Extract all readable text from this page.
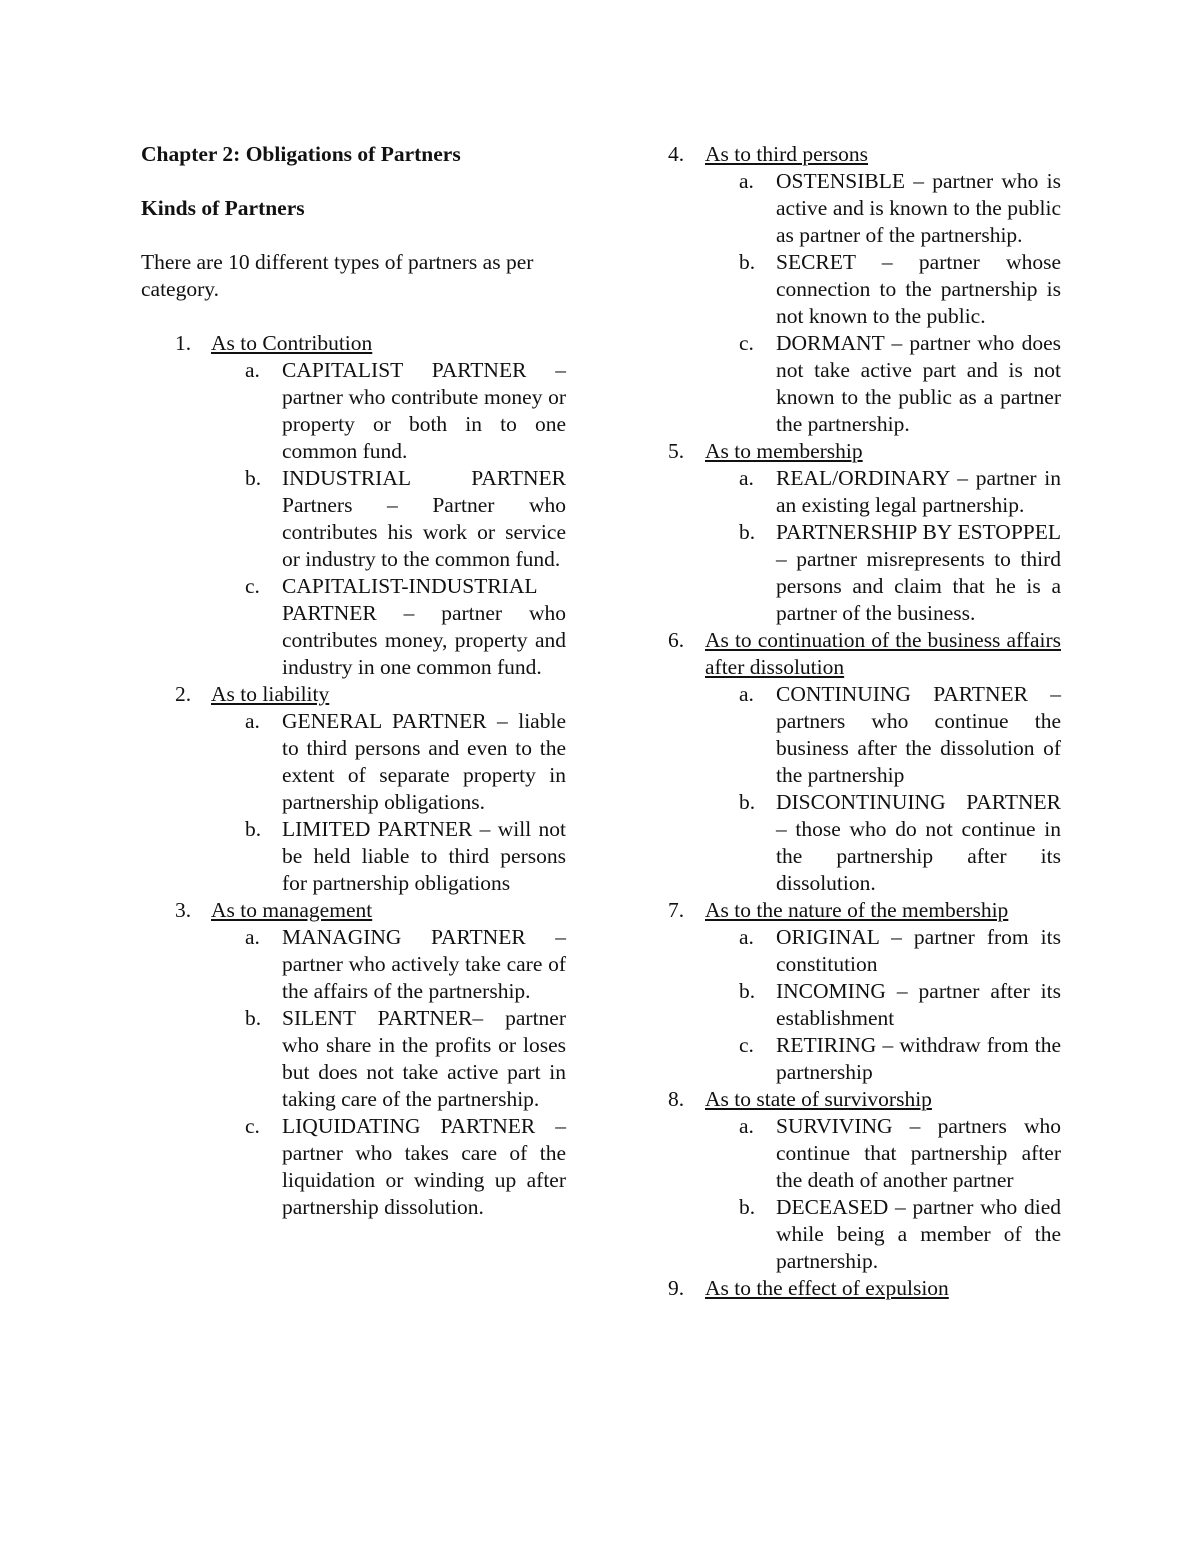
Chapter 2: Obligations of Partners

Kinds of Partners

There are 10 different types of partners as per category.

1. As to Contribution
a. CAPITALIST PARTNER – partner who contribute money or property or both in to one common fund.
b. INDUSTRIAL PARTNER Partners – Partner who contributes his work or service or industry to the common fund.
c. CAPITALIST-INDUSTRIAL PARTNER – partner who contributes money, property and industry in one common fund.
2. As to liability
a. GENERAL PARTNER – liable to third persons and even to the extent of separate property in partnership obligations.
b. LIMITED PARTNER – will not be held liable to third persons for partnership obligations
3. As to management
a. MANAGING PARTNER – partner who actively take care of the affairs of the partnership.
b. SILENT PARTNER– partner who share in the profits or loses but does not take active part in taking care of the partnership.
c. LIQUIDATING PARTNER – partner who takes care of the liquidation or winding up after partnership dissolution.
4. As to third persons
a. OSTENSIBLE – partner who is active and is known to the public as partner of the partnership.
b. SECRET – partner whose connection to the partnership is not known to the public.
c. DORMANT – partner who does not take active part and is not known to the public as a partner the partnership.
5. As to membership
a. REAL/ORDINARY – partner in an existing legal partnership.
b. PARTNERSHIP BY ESTOPPEL – partner misrepresents to third persons and claim that he is a partner of the business.
6. As to continuation of the business affairs after dissolution
a. CONTINUING PARTNER – partners who continue the business after the dissolution of the partnership
b. DISCONTINUING PARTNER – those who do not continue in the partnership after its dissolution.
7. As to the nature of the membership
a. ORIGINAL – partner from its constitution
b. INCOMING – partner after its establishment
c. RETIRING – withdraw from the partnership
8. As to state of survivorship
a. SURVIVING – partners who continue that partnership after the death of another partner
b. DECEASED – partner who died while being a member of the partnership.
9. As to the effect of expulsion
